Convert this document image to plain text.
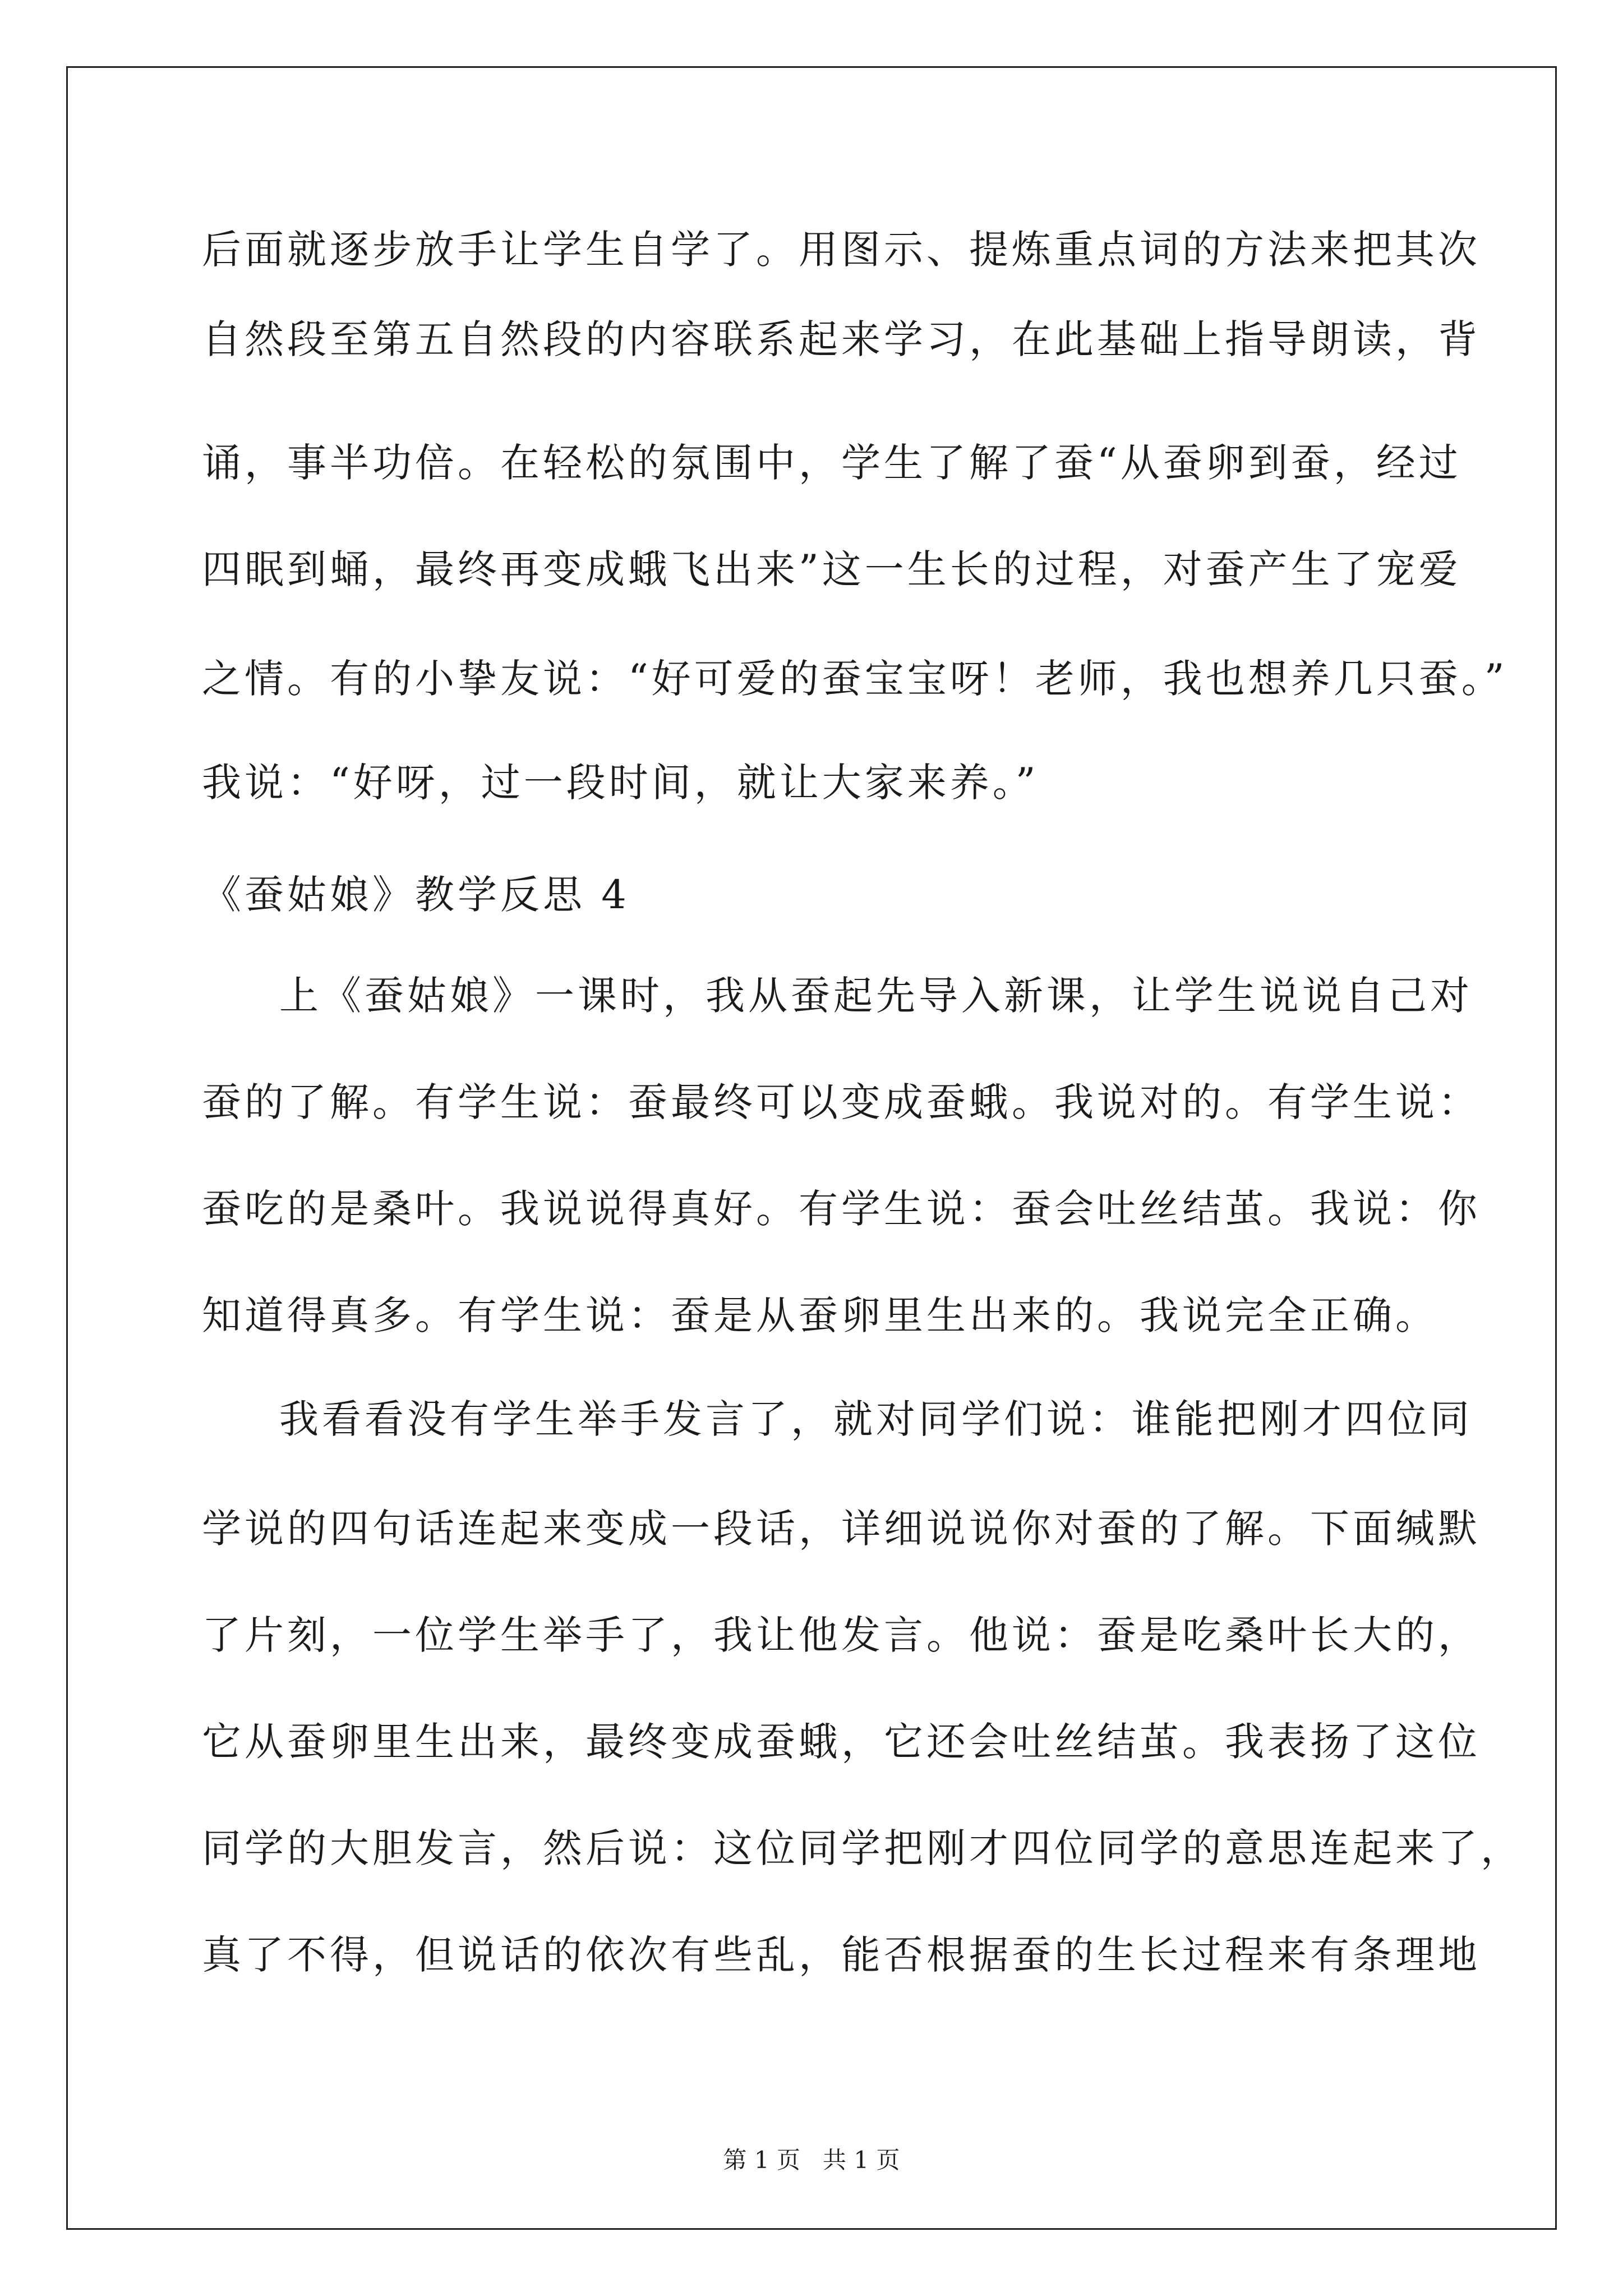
后面就逐步放手让学生自学了。用图示、提炼重点词的方法来把其次
自然段至第五自然段的内容联系起来学习，在此基础上指导朗读，背
诵，事半功倍。在轻松的氛围中，学生了解了蚕“从蚕卵到蚕，经过
四眠到蛹，最终再变成蛾飞出来”这一生长的过程，对蚕产生了宠爱
之情。有的小挚友说：“好可爱的蚕宝宝呀！老师，我也想养几只蚕。”
我说：“好呀，过一段时间，就让大家来养。”
《蚕姑娘》教学反思 4
上《蚕姑娘》一课时，我从蚕起先导入新课，让学生说说自己对
蚕的了解。有学生说：蚕最终可以变成蚕蛾。我说对的。有学生说：
蚕吃的是桑叶。我说说得真好。有学生说：蚕会吐丝结茧。我说：你
知道得真多。有学生说：蚕是从蚕卵里生出来的。我说完全正确。
我看看没有学生举手发言了，就对同学们说：谁能把刚才四位同
学说的四句话连起来变成一段话，详细说说你对蚕的了解。下面缄默
了片刻，一位学生举手了，我让他发言。他说：蚕是吃桑叶长大的，
它从蚕卵里生出来，最终变成蚕蛾，它还会吐丝结茧。我表扬了这位
同学的大胆发言，然后说：这位同学把刚才四位同学的意思连起来了，
真了不得，但说话的依次有些乱，能否根据蚕的生长过程来有条理地
第 1 页   共 1 页
